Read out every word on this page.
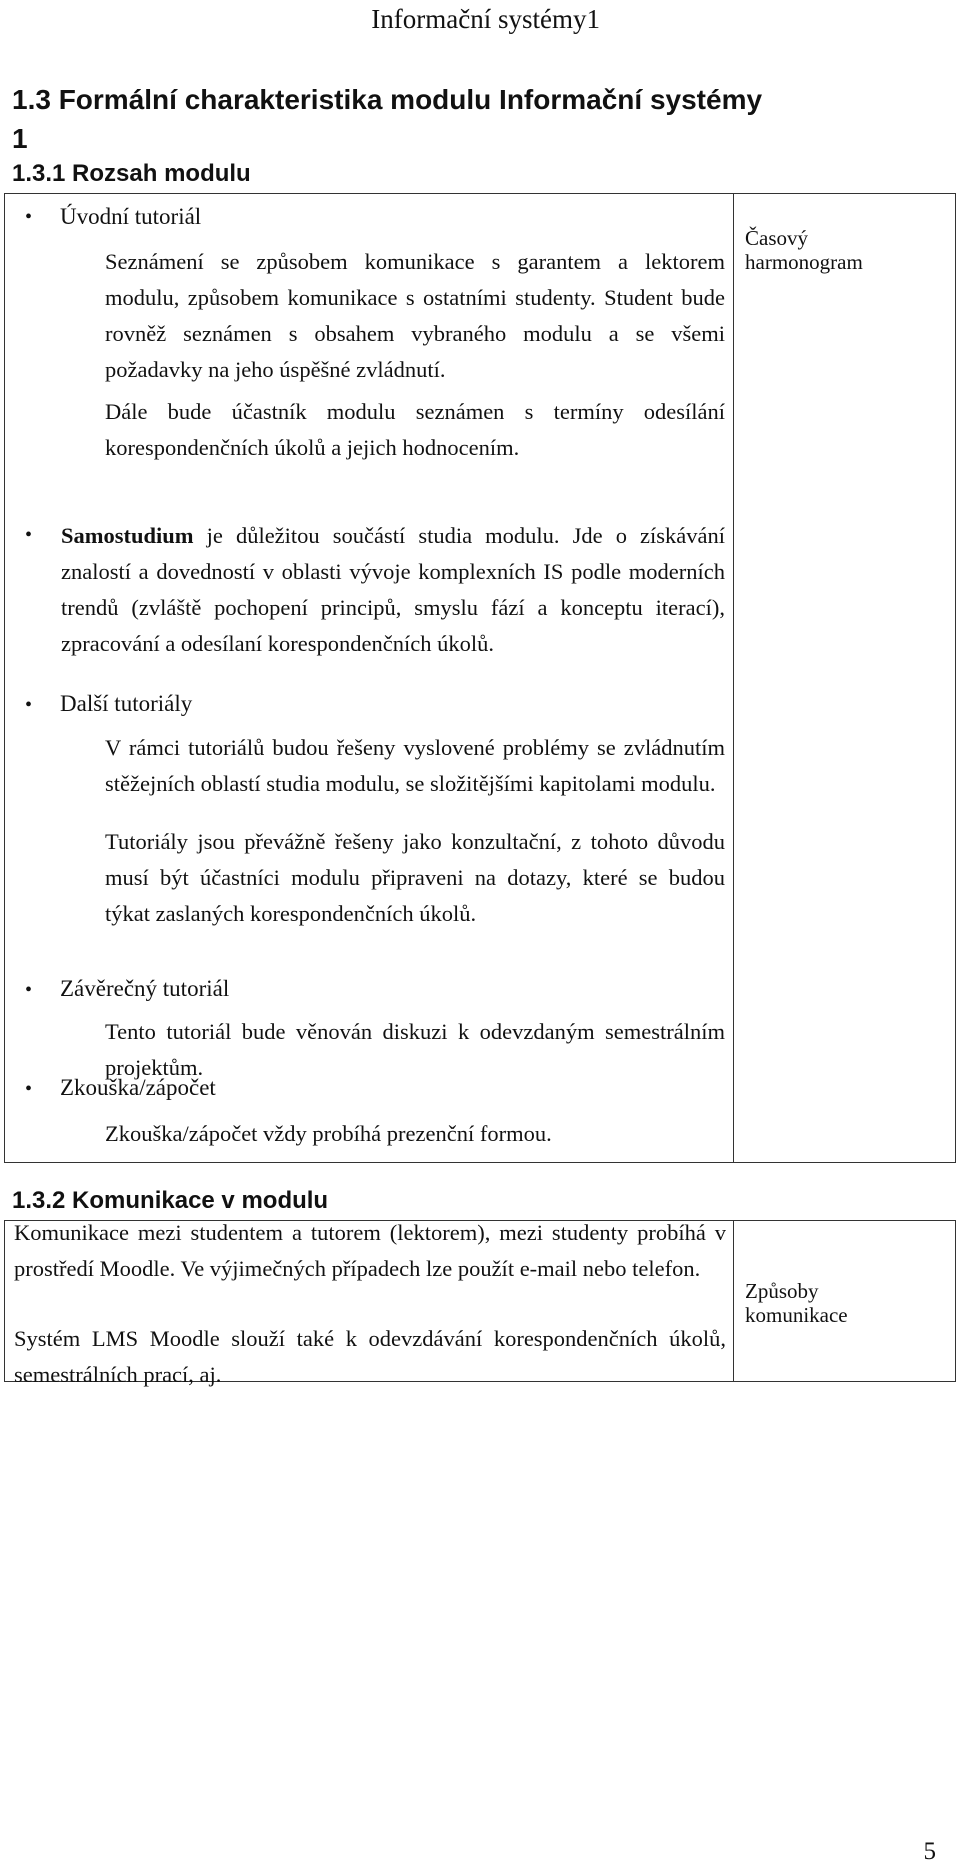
Informační systémy1
1.3 Formální charakteristika modulu Informační systémy
1
1.3.1 Rozsah modulu
Časový
harmonogram
• Úvodní tutoriál

Seznámení se způsobem komunikace s garantem a lektorem modulu, způsobem komunikace s ostatními studenty. Student bude rovněž seznámen s obsahem vybraného modulu a se všemi požadavky na jeho úspěšné zvládnutí.

Dále bude účastník modulu seznámen s termíny odesílání korespondenčních úkolů a jejich hodnocením.

• Samostudium je důležitou součástí studia modulu. Jde o získávání znalostí a dovedností v oblasti vývoje komplexních IS podle moderních trendů (zvláště pochopení principů, smyslu fází a konceptu iterací), zpracování a odesílaní korespondenčních úkolů.

• Další tutoriály

V rámci tutoriálů budou řešeny vyslovené problémy se zvládnutím stěžejních oblastí studia modulu, se složitějšími kapitolami modulu.

Tutoriály jsou převážně řešeny jako konzultační, z tohoto důvodu musí být účastníci modulu připraveni na dotazy, které se budou týkat zaslaných korespondenčních úkolů.

• Závěrečný tutoriál

Tento tutoriál bude věnován diskuzi k odevzdaným semestrálním projektům.

• Zkouška/zápočet

Zkouška/zápočet vždy probíhá prezenční formou.

1.3.2 Komunikace v modulu
Způsoby
komunikace

Komunikace mezi studentem a tutorem (lektorem), mezi studenty probíhá v prostředí Moodle. Ve výjimečných případech lze použít e-mail nebo telefon.

Systém LMS Moodle slouží také k odevzdávání korespondenčních úkolů, semestrálních prací, aj.

5
